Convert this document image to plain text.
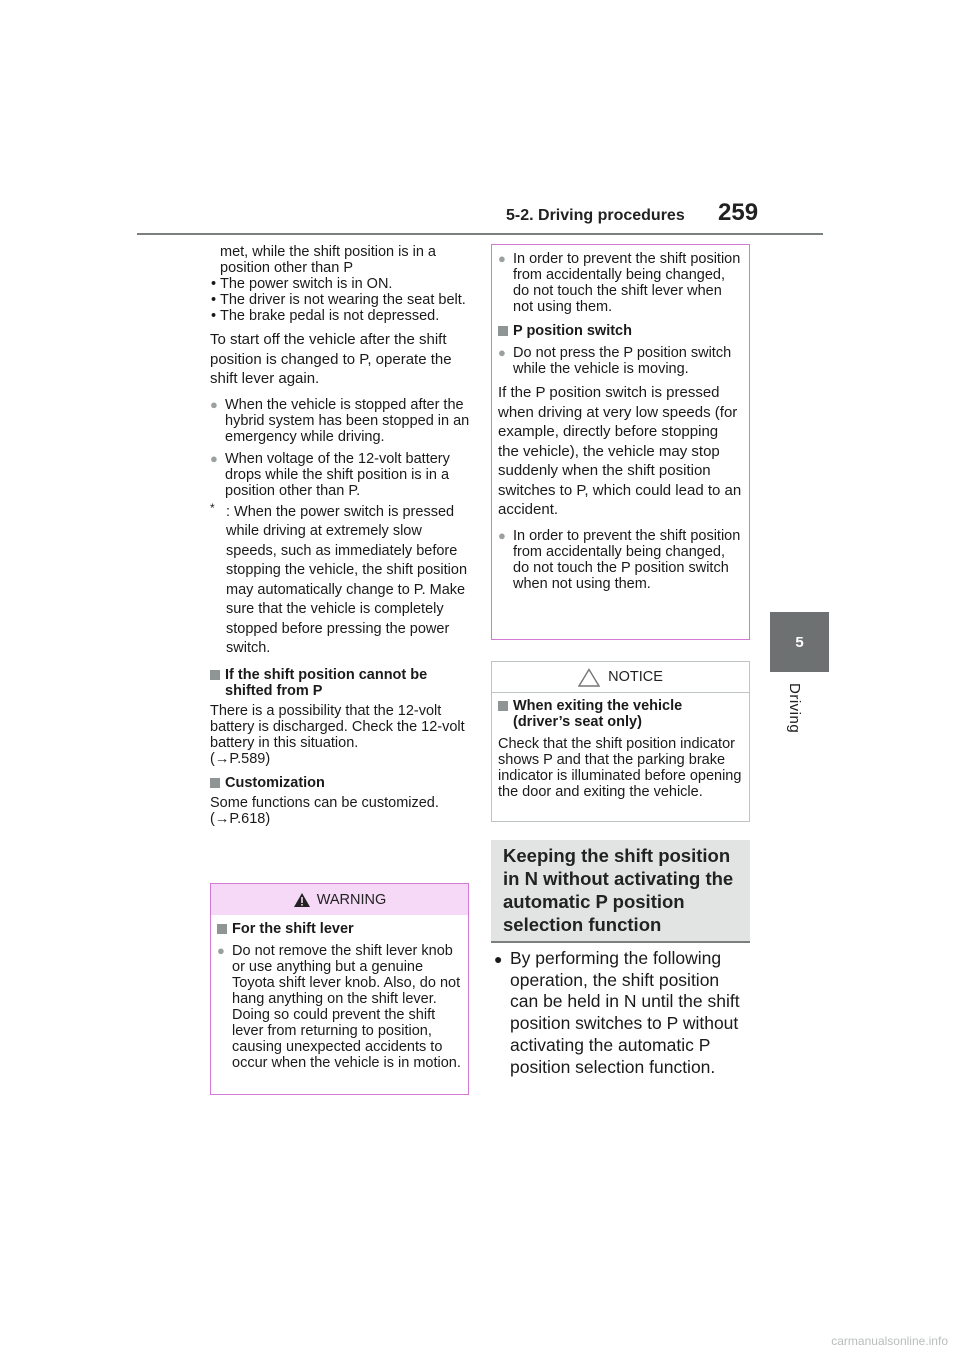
5-2. Driving procedures 259
5
Driving
met, while the shift position is in a
position other than P
• The power switch is in ON.
• The driver is not wearing the seat belt.
• The brake pedal is not depressed.

To start off the vehicle after the shift position is changed to P, operate the shift lever again.

● When the vehicle is stopped after the hybrid system has been stopped in an emergency while driving.
● When voltage of the 12-volt battery drops while the shift position is in a position other than P.
* : When the power switch is pressed while driving at extremely slow speeds, such as immediately before stopping the vehicle, the shift position may automatically change to P. Make sure that the vehicle is completely stopped before pressing the power switch.
If the shift position cannot be shifted from P

There is a possibility that the 12-volt battery is discharged. Check the 12-volt battery in this situation.

(→P.589)

Customization

Some functions can be customized.

(→P.618)

WARNING
For the shift lever
● Do not remove the shift lever knob or use anything but a genuine Toyota shift lever knob. Also, do not hang anything on the shift lever. Doing so could prevent the shift lever from returning to position, causing unexpected accidents to occur when the vehicle is in motion.
● In order to prevent the shift position from accidentally being changed, do not touch the shift lever when not using them.
P position switch
● Do not press the P position switch while the vehicle is moving.

If the P position switch is pressed when driving at very low speeds (for example, directly before stopping the vehicle), the vehicle may stop suddenly when the shift position switches to P, which could lead to an accident.

● In order to prevent the shift position from accidentally being changed, do not touch the P position switch when not using them.
NOTICE
When exiting the vehicle (driver’s seat only)

Check that the shift position indicator shows P and that the parking brake indicator is illuminated before opening the door and exiting the vehicle.

Keeping the shift position in N without activating the automatic P position selection function
● By performing the following operation, the shift position can be held in N until the shift position switches to P without activating the automatic P position selection function.
carmanualsonline.info
